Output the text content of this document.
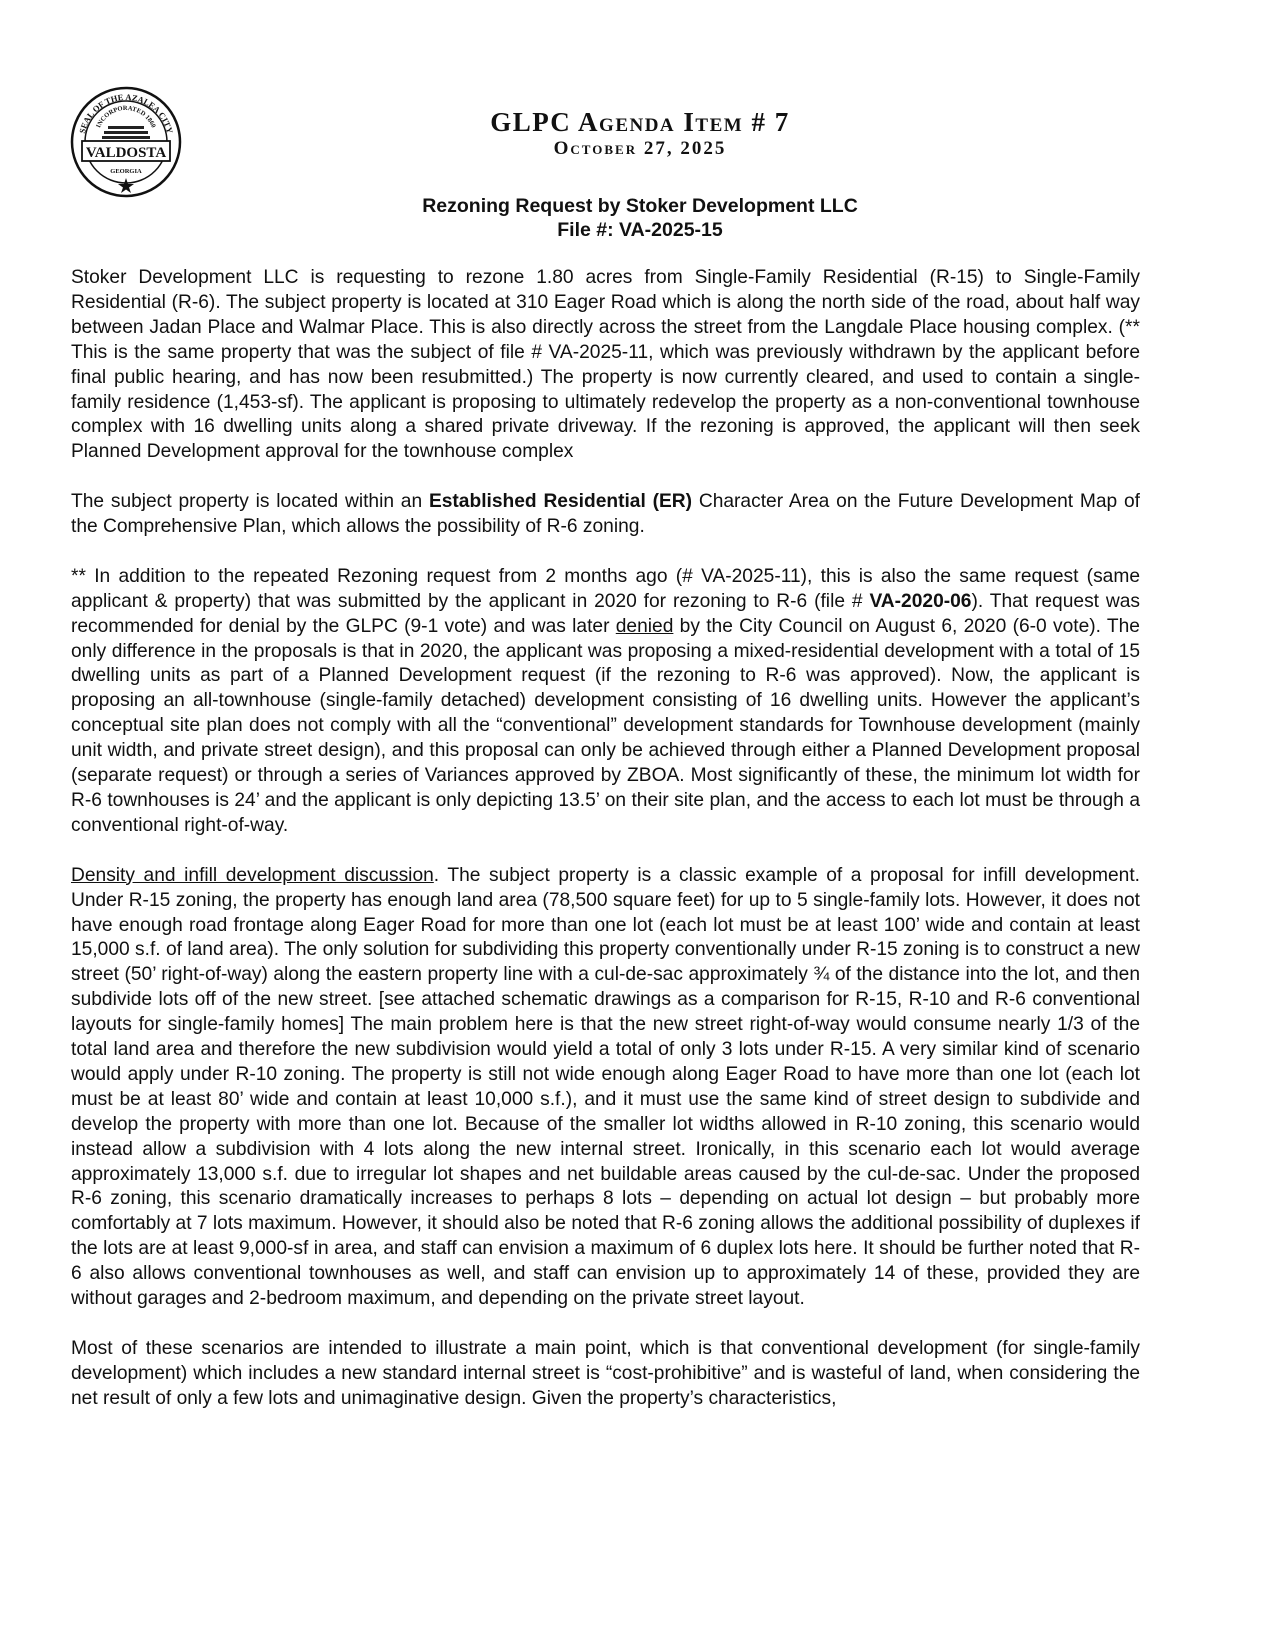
SEAL OF THE AZALEA CITY
INCORPORATED 1860
VALDOSTA
GEORGIA
GLPC Agenda Item # 7
October 27, 2025
Rezoning Request by Stoker Development LLC
File #: VA-2025-15

Stoker Development LLC is requesting to rezone 1.80 acres from Single-Family Residential (R-15) to Single-Family Residential (R-6). The subject property is located at 310 Eager Road which is along the north side of the road, about half way between Jadan Place and Walmar Place. This is also directly across the street from the Langdale Place housing complex. (** This is the same property that was the subject of file # VA-2025-11, which was previously withdrawn by the applicant before final public hearing, and has now been resubmitted.) The property is now currently cleared, and used to contain a single-family residence (1,453-sf). The applicant is proposing to ultimately redevelop the property as a non-conventional townhouse complex with 16 dwelling units along a shared private driveway. If the rezoning is approved, the applicant will then seek Planned Development approval for the townhouse complex

The subject property is located within an Established Residential (ER) Character Area on the Future Development Map of the Comprehensive Plan, which allows the possibility of R-6 zoning.

** In addition to the repeated Rezoning request from 2 months ago (# VA-2025-11), this is also the same request (same applicant & property) that was submitted by the applicant in 2020 for rezoning to R-6 (file # VA-2020-06). That request was recommended for denial by the GLPC (9-1 vote) and was later denied by the City Council on August 6, 2020 (6-0 vote). The only difference in the proposals is that in 2020, the applicant was proposing a mixed-residential development with a total of 15 dwelling units as part of a Planned Development request (if the rezoning to R-6 was approved). Now, the applicant is proposing an all-townhouse (single-family detached) development consisting of 16 dwelling units. However the applicant’s conceptual site plan does not comply with all the “conventional” development standards for Townhouse development (mainly unit width, and private street design), and this proposal can only be achieved through either a Planned Development proposal (separate request) or through a series of Variances approved by ZBOA. Most significantly of these, the minimum lot width for R-6 townhouses is 24’ and the applicant is only depicting 13.5’ on their site plan, and the access to each lot must be through a conventional right-of-way.

Density and infill development discussion. The subject property is a classic example of a proposal for infill development. Under R-15 zoning, the property has enough land area (78,500 square feet) for up to 5 single-family lots. However, it does not have enough road frontage along Eager Road for more than one lot (each lot must be at least 100’ wide and contain at least 15,000 s.f. of land area). The only solution for subdividing this property conventionally under R-15 zoning is to construct a new street (50’ right-of-way) along the eastern property line with a cul-de-sac approximately ¾ of the distance into the lot, and then subdivide lots off of the new street. [see attached schematic drawings as a comparison for R-15, R-10 and R-6 conventional layouts for single-family homes] The main problem here is that the new street right-of-way would consume nearly 1/3 of the total land area and therefore the new subdivision would yield a total of only 3 lots under R-15. A very similar kind of scenario would apply under R-10 zoning. The property is still not wide enough along Eager Road to have more than one lot (each lot must be at least 80’ wide and contain at least 10,000 s.f.), and it must use the same kind of street design to subdivide and develop the property with more than one lot. Because of the smaller lot widths allowed in R-10 zoning, this scenario would instead allow a subdivision with 4 lots along the new internal street. Ironically, in this scenario each lot would average approximately 13,000 s.f. due to irregular lot shapes and net buildable areas caused by the cul-de-sac. Under the proposed R-6 zoning, this scenario dramatically increases to perhaps 8 lots – depending on actual lot design – but probably more comfortably at 7 lots maximum. However, it should also be noted that R-6 zoning allows the additional possibility of duplexes if the lots are at least 9,000-sf in area, and staff can envision a maximum of 6 duplex lots here. It should be further noted that R-6 also allows conventional townhouses as well, and staff can envision up to approximately 14 of these, provided they are without garages and 2-bedroom maximum, and depending on the private street layout.

Most of these scenarios are intended to illustrate a main point, which is that conventional development (for single-family development) which includes a new standard internal street is “cost-prohibitive” and is wasteful of land, when considering the net result of only a few lots and unimaginative design. Given the property’s characteristics,
